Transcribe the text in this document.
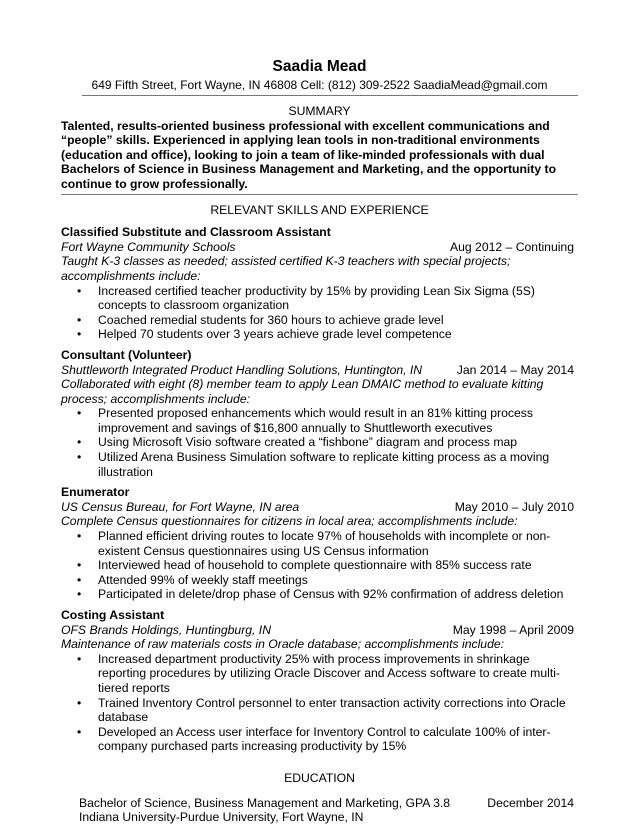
Saadia Mead
649 Fifth Street, Fort Wayne, IN 46808 Cell: (812) 309-2522 SaadiaMead@gmail.com
SUMMARY

Talented, results-oriented business professional with excellent communications and “people” skills. Experienced in applying lean tools in non-traditional environments (education and office), looking to join a team of like-minded professionals with dual Bachelors of Science in Business Management and Marketing, and the opportunity to continue to grow professionally.

RELEVANT SKILLS AND EXPERIENCE
Classified Substitute and Classroom Assistant
Fort Wayne Community Schools	Aug 2012 – Continuing
Taught K-3 classes as needed; assisted certified K-3 teachers with special projects; accomplishments include:
• Increased certified teacher productivity by 15% by providing Lean Six Sigma (5S) concepts to classroom organization
• Coached remedial students for 360 hours to achieve grade level
• Helped 70 students over 3 years achieve grade level competence
Consultant (Volunteer)
Shuttleworth Integrated Product Handling Solutions, Huntington, IN	Jan 2014 – May 2014
Collaborated with eight (8) member team to apply Lean DMAIC method to evaluate kitting process; accomplishments include:
• Presented proposed enhancements which would result in an 81% kitting process improvement and savings of $16,800 annually to Shuttleworth executives
• Using Microsoft Visio software created a “fishbone” diagram and process map
• Utilized Arena Business Simulation software to replicate kitting process as a moving illustration
Enumerator
US Census Bureau, for Fort Wayne, IN area	May 2010 – July 2010
Complete Census questionnaires for citizens in local area; accomplishments include:
• Planned efficient driving routes to locate 97% of households with incomplete or non-existent Census questionnaires using US Census information
• Interviewed head of household to complete questionnaire with 85% success rate
• Attended 99% of weekly staff meetings
• Participated in delete/drop phase of Census with 92% confirmation of address deletion
Costing Assistant
OFS Brands Holdings, Huntingburg, IN	May 1998 – April 2009
Maintenance of raw materials costs in Oracle database; accomplishments include:
• Increased department productivity 25% with process improvements in shrinkage reporting procedures by utilizing Oracle Discover and Access software to create multi-tiered reports
• Trained Inventory Control personnel to enter transaction activity corrections into Oracle database
• Developed an Access user interface for Inventory Control to calculate 100% of inter-company purchased parts increasing productivity by 15%
EDUCATION
Bachelor of Science, Business Management and Marketing, GPA 3.8	December 2014
Indiana University-Purdue University, Fort Wayne, IN
